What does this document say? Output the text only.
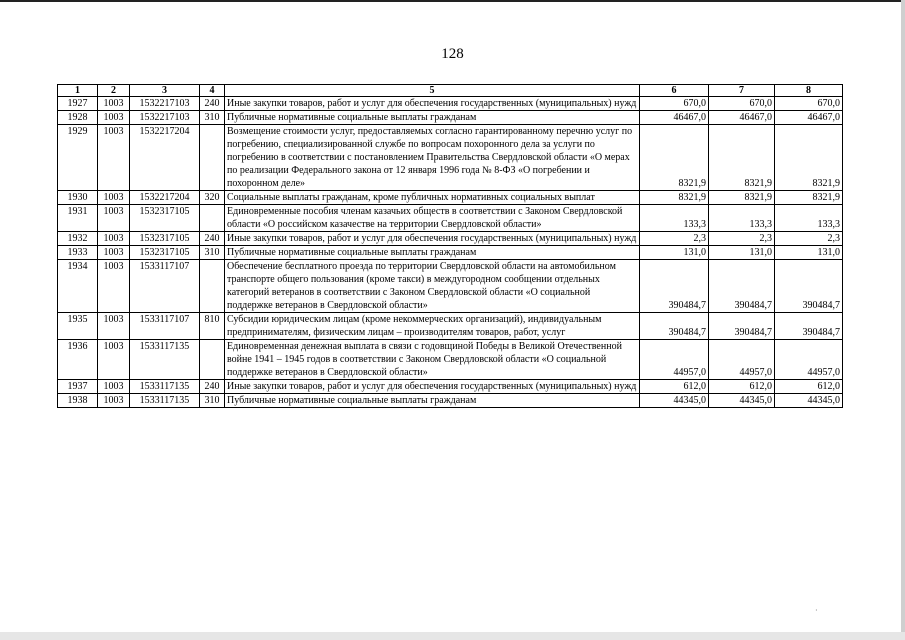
128
1	2	3	4	5	6	7	8
1927	1003	1532217103	240	Иные закупки товаров, работ и услуг для обеспечения государственных (муниципальных) нужд	670,0	670,0	670,0
1928	1003	1532217103	310	Публичные нормативные социальные выплаты гражданам	46467,0	46467,0	46467,0
1929	1003	1532217204		Возмещение стоимости услуг, предоставляемых согласно гарантированному перечню услуг по погребению, специализированной службе по вопросам похоронного дела за услуги по погребению в соответствии с постановлением Правительства Свердловской области «О мерах по реализации Федерального закона от 12 января 1996 года № 8-ФЗ «О погребении и похоронном деле»	8321,9	8321,9	8321,9
1930	1003	1532217204	320	Социальные выплаты гражданам, кроме публичных нормативных социальных выплат	8321,9	8321,9	8321,9
1931	1003	1532317105		Единовременные пособия членам казачьих обществ в соответствии с Законом Свердловской области «О российском казачестве на территории Свердловской области»	133,3	133,3	133,3
1932	1003	1532317105	240	Иные закупки товаров, работ и услуг для обеспечения государственных (муниципальных) нужд	2,3	2,3	2,3
1933	1003	1532317105	310	Публичные нормативные социальные выплаты гражданам	131,0	131,0	131,0
1934	1003	1533117107		Обеспечение бесплатного проезда по территории Свердловской области на автомобильном транспорте общего пользования (кроме такси) в междугородном сообщении отдельных категорий ветеранов в соответствии с Законом Свердловской области «О социальной поддержке ветеранов в Свердловской области»	390484,7	390484,7	390484,7
1935	1003	1533117107	810	Субсидии юридическим лицам (кроме некоммерческих организаций), индивидуальным предпринимателям, физическим лицам – производителям товаров, работ, услуг	390484,7	390484,7	390484,7
1936	1003	1533117135		Единовременная денежная выплата в связи с годовщиной Победы в Великой Отечественной войне 1941 – 1945 годов в соответствии с Законом Свердловской области «О социальной поддержке ветеранов в Свердловской области»	44957,0	44957,0	44957,0
1937	1003	1533117135	240	Иные закупки товаров, работ и услуг для обеспечения государственных (муниципальных) нужд	612,0	612,0	612,0
1938	1003	1533117135	310	Публичные нормативные социальные выплаты гражданам	44345,0	44345,0	44345,0
·
